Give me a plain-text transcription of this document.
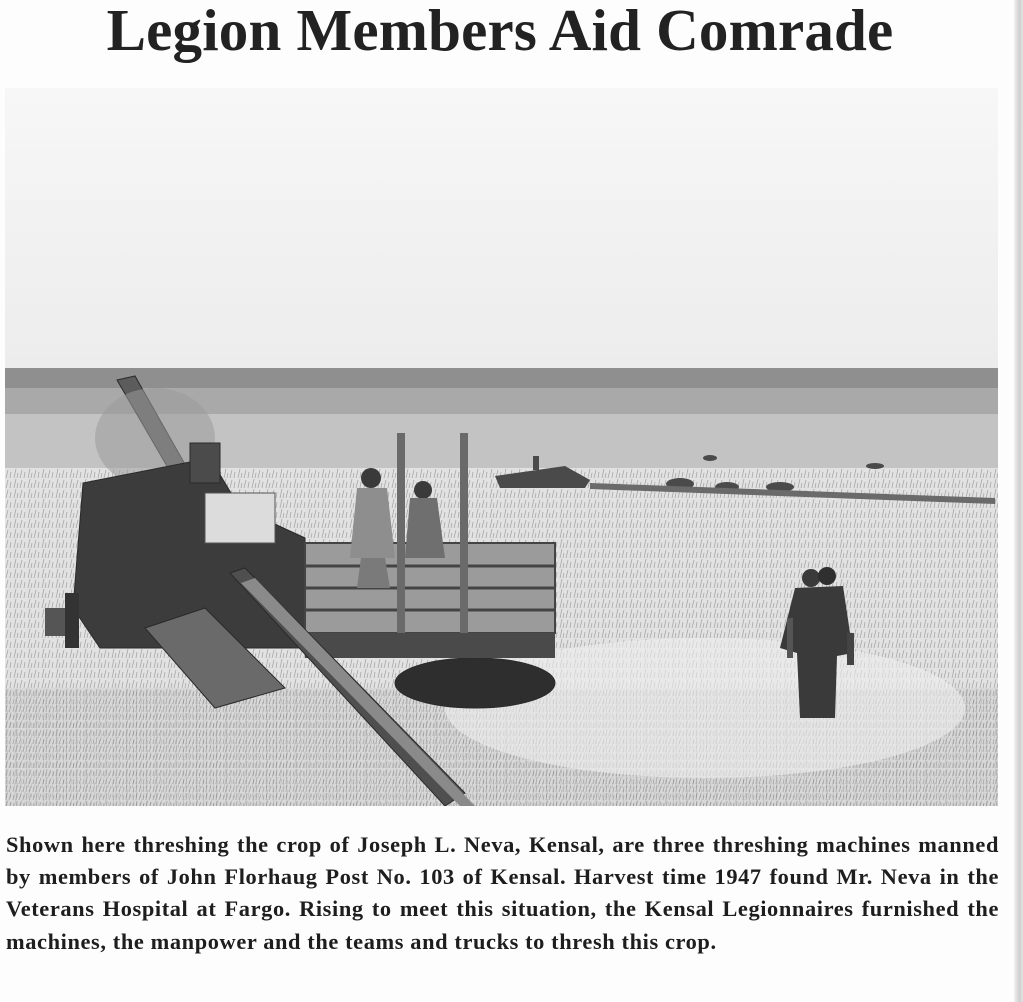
Legion Members Aid Comrade

Shown here threshing the crop of Joseph L. Neva, Kensal, are three threshing machines manned by members of John Florhaug Post No. 103 of Kensal. Harvest time 1947 found Mr. Neva in the Veterans Hospital at Fargo. Rising to meet this situation, the Kensal Legionnaires furnished the machines, the manpower and the teams and trucks to thresh this crop.
